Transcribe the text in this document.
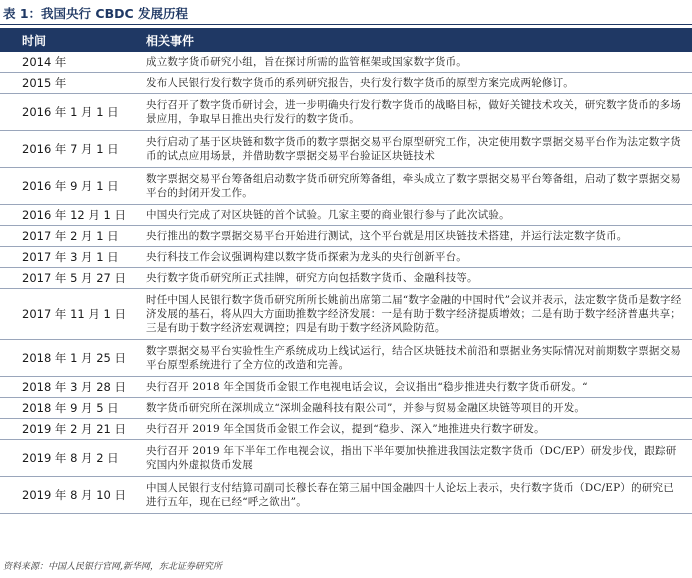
表 1：我国央行 CBDC 发展历程
时间	相关事件
2014 年	成立数字货币研究小组，旨在探讨所需的监管框架或国家数字货币。
2015 年	发布人民银行发行数字货币的系列研究报告，央行发行数字货币的原型方案完成两轮修订。
2016 年 1 月 1 日	央行召开了数字货币研讨会，进一步明确央行发行数字货币的战略目标，做好关键技术攻关，研究数字货币的多场景应用，争取早日推出央行发行的数字货币。
2016 年 7 月 1 日	央行启动了基于区块链和数字货币的数字票据交易平台原型研究工作，决定使用数字票据交易平台作为法定数字货币的试点应用场景，并借助数字票据交易平台验证区块链技术
2016 年 9 月 1 日	数字票据交易平台筹备组启动数字货币研究所筹备组，牵头成立了数字票据交易平台筹备组，启动了数字票据交易平台的封闭开发工作。
2016 年 12 月 1 日	中国央行完成了对区块链的首个试验。几家主要的商业银行参与了此次试验。
2017 年 2 月 1 日	央行推出的数字票据交易平台开始进行测试，这个平台就是用区块链技术搭建，并运行法定数字货币。
2017 年 3 月 1 日	央行科技工作会议强调构建以数字货币探索为龙头的央行创新平台。
2017 年 5 月 27 日	央行数字货币研究所正式挂牌，研究方向包括数字货币、金融科技等。
2017 年 11 月 1 日	时任中国人民银行数字货币研究所所长姚前出席第二届“数字金融的中国时代”会议并表示，法定数字货币是数字经济发展的基石，将从四大方面助推数字经济发展：一是有助于数字经济提质增效；二是有助于数字经济普惠共享；三是有助于数字经济宏观调控；四是有助于数字经济风险防范。
2018 年 1 月 25 日	数字票据交易平台实验性生产系统成功上线试运行，结合区块链技术前沿和票据业务实际情况对前期数字票据交易平台原型系统进行了全方位的改造和完善。
2018 年 3 月 28 日	央行召开 2018 年全国货币金银工作电视电话会议，会议指出“稳步推进央行数字货币研发。“
2018 年 9 月 5 日	数字货币研究所在深圳成立“深圳金融科技有限公司”，并参与贸易金融区块链等项目的开发。
2019 年 2 月 21 日	央行召开 2019 年全国货币金银工作会议，提到“稳步、深入”地推进央行数字研发。
2019 年 8 月 2 日	央行召开 2019 年下半年工作电视会议，指出下半年要加快推进我国法定数字货币（DC/EP）研发步伐，跟踪研究国内外虚拟货币发展
2019 年 8 月 10 日	中国人民银行支付结算司副司长穆长春在第三届中国金融四十人论坛上表示，央行数字货币（DC/EP）的研究已进行五年，现在已经“呼之欲出”。
资料来源：中国人民银行官网,新华网，东北证券研究所
